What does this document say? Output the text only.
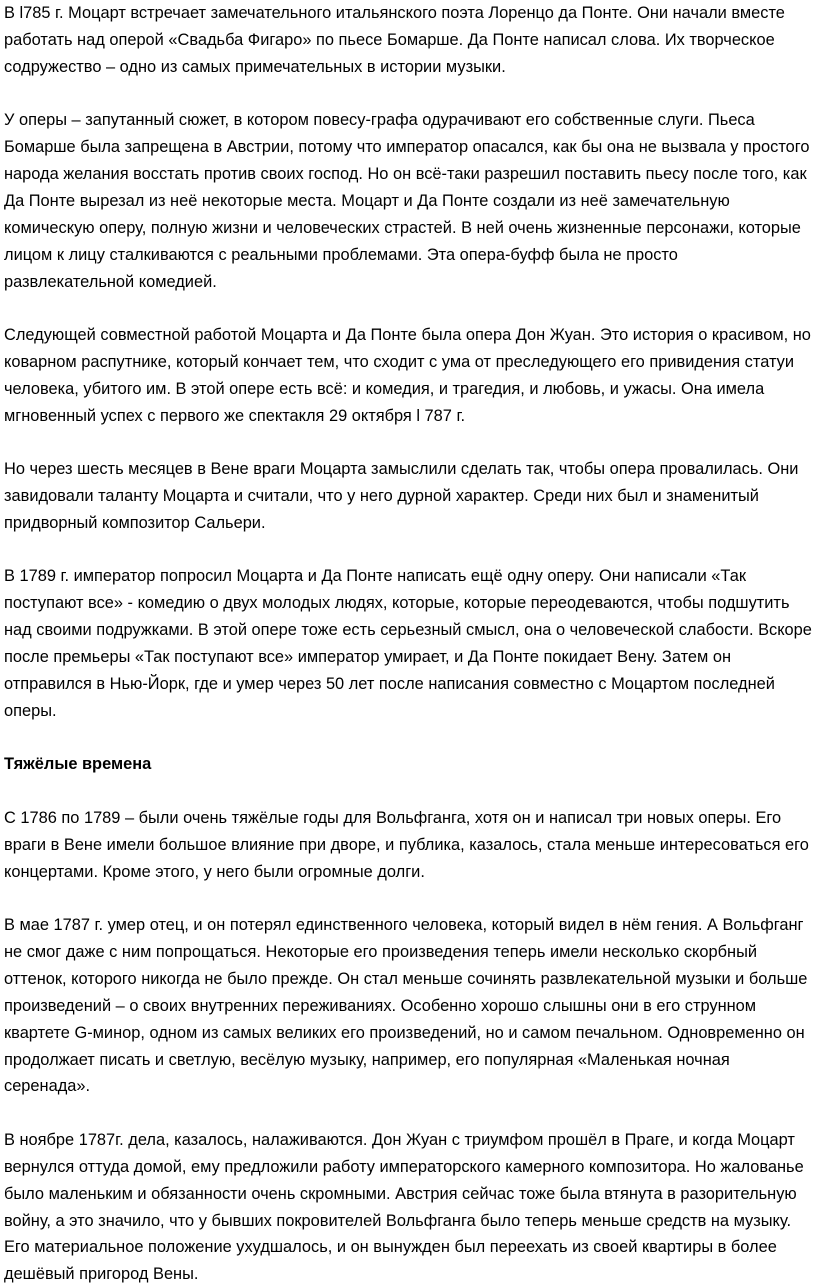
В l785 г. Моцарт встречает замечательного итальянского поэта Лоренцо да Понте. Они начали вместе работать над оперой «Свадьба Фигаро» по пьесе Бомарше. Да Понте написал слова. Их творческое содружество – одно из самых примечательных в истории музыки.

У оперы – запутанный сюжет, в котором повесу-графа одурачивают его собственные слуги. Пьеса Бомарше была запрещена в Австрии, потому что император опасался, как бы она не вызвала у простого народа желания восстать против своих господ. Но он всё-таки разрешил поставить пьесу после того, как Да Понте вырезал из неё некоторые места. Моцарт и Да Понте создали из неё замечательную комическую оперу, полную жизни и человеческих страстей. В ней очень жизненные персонажи, которые лицом к лицу сталкиваются с реальными проблемами. Эта опера-буфф была не просто развлекательной комедией.

Следующей совместной работой Моцарта и Да Понте была опера Дон Жуан. Это история о красивом, но коварном распутнике, который кончает тем, что сходит с ума от преследующего его привидения статуи человека, убитого им. В этой опере есть всё: и комедия, и трагедия, и любовь, и ужасы. Она имела мгновенный успех с первого же спектакля 29 октября l 787 г.

Но через шесть месяцев в Вене враги Моцарта замыслили сделать так, чтобы опера провалилась. Они завидовали таланту Моцарта и считали, что у него дурной характер. Среди них был и знаменитый придворный композитор Сальери.

В 1789 г. император попросил Моцарта и Да Понте написать ещё одну оперу. Они написали «Так поступают все» - комедию о двух молодых людях, которые, которые переодеваются, чтобы подшутить над своими подружками. В этой опере тоже есть серьезный смысл, она о человеческой слабости. Вскоре после премьеры «Так поступают все» император умирает, и Да Понте покидает Вену. Затем он отправился в Нью-Йорк, где и умер через 50 лет после написания совместно с Моцартом последней оперы.

Тяжёлые времена

С 1786 по 1789 – были очень тяжёлые годы для Вольфганга, хотя он и написал три новых оперы. Его враги в Вене имели большое влияние при дворе, и публика, казалось, стала меньше интересоваться его концертами. Кроме этого, у него были огромные долги.

В мае 1787 г. умер отец, и он потерял единственного человека, который видел в нём гения. А Вольфганг не смог даже с ним попрощаться. Некоторые его произведения теперь имели несколько скорбный оттенок, которого никогда не было прежде. Он стал меньше сочинять развлекательной музыки и больше произведений – о своих внутренних переживаниях. Особенно хорошо слышны они в его струнном квартете G-минор, одном из самых великих его произведений, но и самом печальном. Одновременно он продолжает писать и светлую, весёлую музыку, например, его популярная «Маленькая ночная серенада».

В ноябре 1787г. дела, казалось, налаживаются. Дон Жуан с триумфом прошёл в Праге, и когда Моцарт вернулся оттуда домой, ему предложили работу императорского камерного композитора. Но жалованье было маленьким и обязанности очень скромными. Австрия сейчас тоже была втянута в разорительную войну, а это значило, что у бывших покровителей Вольфганга было теперь меньше средств на музыку. Его материальное положение ухудшалось, и он вынужден был переехать из своей квартиры в более дешёвый пригород Вены.
